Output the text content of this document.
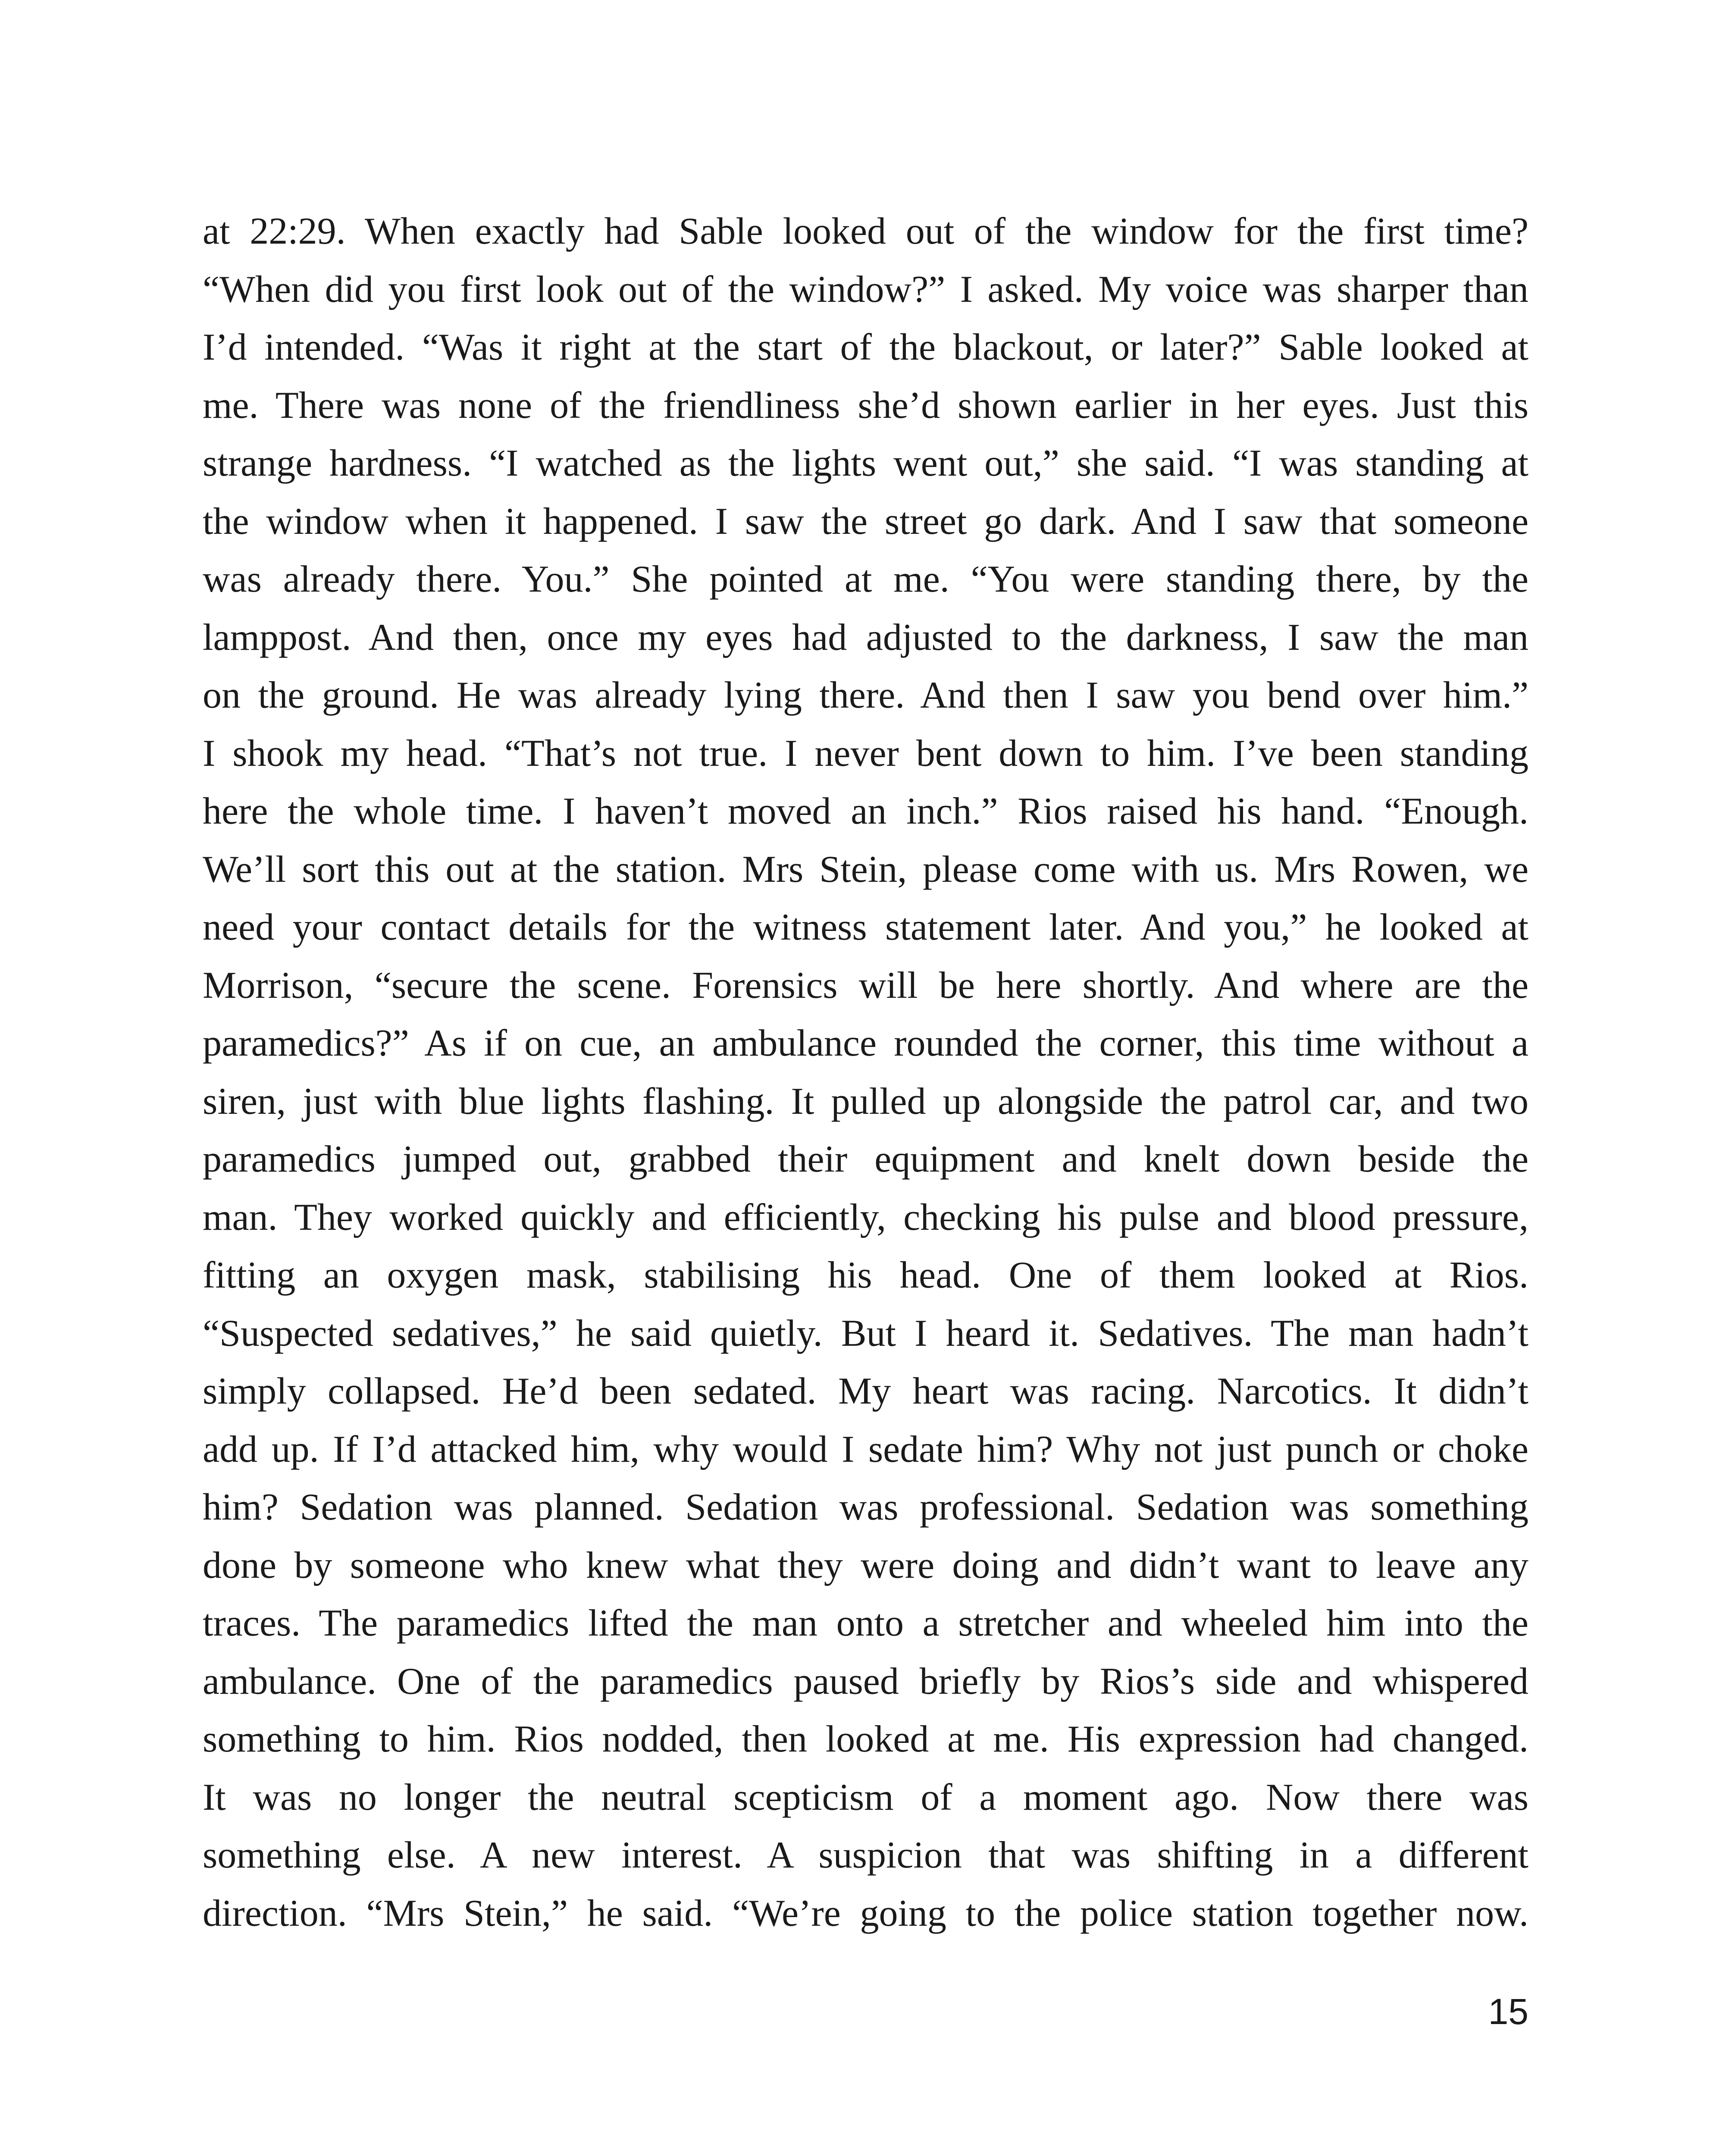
at 22:29. When exactly had Sable looked out of the window for the first time?
“When did you first look out of the window?” I asked. My voice was sharper than
I’d intended. “Was it right at the start of the blackout, or later?” Sable looked at
me. There was none of the friendliness she’d shown earlier in her eyes. Just this
strange hardness. “I watched as the lights went out,” she said. “I was standing at
the window when it happened. I saw the street go dark. And I saw that someone
was already there. You.” She pointed at me. “You were standing there, by the
lamppost. And then, once my eyes had adjusted to the darkness, I saw the man
on the ground. He was already lying there. And then I saw you bend over him.”
I shook my head. “That’s not true. I never bent down to him. I’ve been standing
here the whole time. I haven’t moved an inch.” Rios raised his hand. “Enough.
We’ll sort this out at the station. Mrs Stein, please come with us. Mrs Rowen, we
need your contact details for the witness statement later. And you,” he looked at
Morrison, “secure the scene. Forensics will be here shortly. And where are the
paramedics?” As if on cue, an ambulance rounded the corner, this time without a
siren, just with blue lights flashing. It pulled up alongside the patrol car, and two
paramedics jumped out, grabbed their equipment and knelt down beside the
man. They worked quickly and efficiently, checking his pulse and blood pressure,
fitting an oxygen mask, stabilising his head. One of them looked at Rios.
“Suspected sedatives,” he said quietly. But I heard it. Sedatives. The man hadn’t
simply collapsed. He’d been sedated. My heart was racing. Narcotics. It didn’t
add up. If I’d attacked him, why would I sedate him? Why not just punch or choke
him? Sedation was planned. Sedation was professional. Sedation was something
done by someone who knew what they were doing and didn’t want to leave any
traces. The paramedics lifted the man onto a stretcher and wheeled him into the
ambulance. One of the paramedics paused briefly by Rios’s side and whispered
something to him. Rios nodded, then looked at me. His expression had changed.
It was no longer the neutral scepticism of a moment ago. Now there was
something else. A new interest. A suspicion that was shifting in a different
direction. “Mrs Stein,” he said. “We’re going to the police station together now.
15
